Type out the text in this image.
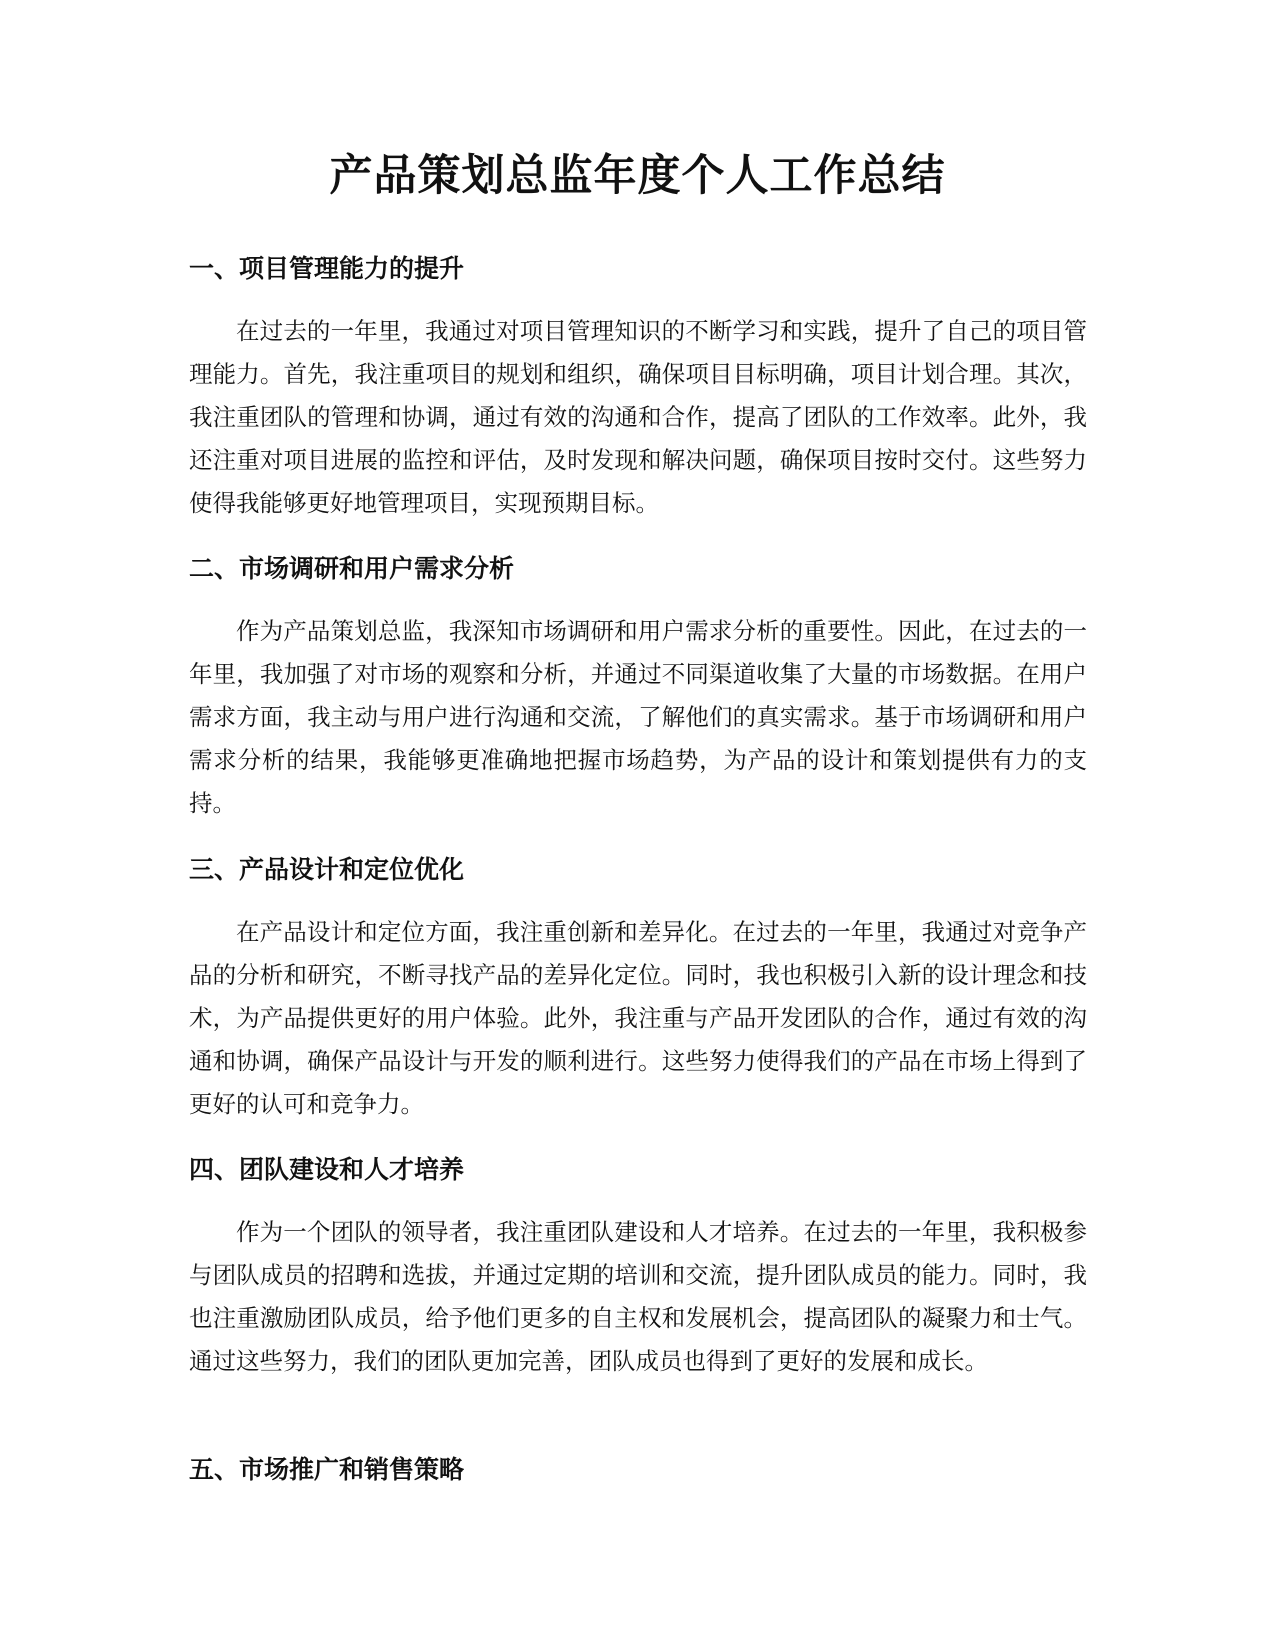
产品策划总监年度个人工作总结
一、项目管理能力的提升

在过去的一年里，我通过对项目管理知识的不断学习和实践，提升了自己的项目管理能力。首先，我注重项目的规划和组织，确保项目目标明确，项目计划合理。其次，我注重团队的管理和协调，通过有效的沟通和合作，提高了团队的工作效率。此外，我还注重对项目进展的监控和评估，及时发现和解决问题，确保项目按时交付。这些努力使得我能够更好地管理项目，实现预期目标。

二、市场调研和用户需求分析

作为产品策划总监，我深知市场调研和用户需求分析的重要性。因此，在过去的一年里，我加强了对市场的观察和分析，并通过不同渠道收集了大量的市场数据。在用户需求方面，我主动与用户进行沟通和交流，了解他们的真实需求。基于市场调研和用户需求分析的结果，我能够更准确地把握市场趋势，为产品的设计和策划提供有力的支持。

三、产品设计和定位优化

在产品设计和定位方面，我注重创新和差异化。在过去的一年里，我通过对竞争产品的分析和研究，不断寻找产品的差异化定位。同时，我也积极引入新的设计理念和技术，为产品提供更好的用户体验。此外，我注重与产品开发团队的合作，通过有效的沟通和协调，确保产品设计与开发的顺利进行。这些努力使得我们的产品在市场上得到了更好的认可和竞争力。

四、团队建设和人才培养

作为一个团队的领导者，我注重团队建设和人才培养。在过去的一年里，我积极参与团队成员的招聘和选拔，并通过定期的培训和交流，提升团队成员的能力。同时，我也注重激励团队成员，给予他们更多的自主权和发展机会，提高团队的凝聚力和士气。通过这些努力，我们的团队更加完善，团队成员也得到了更好的发展和成长。

五、市场推广和销售策略
